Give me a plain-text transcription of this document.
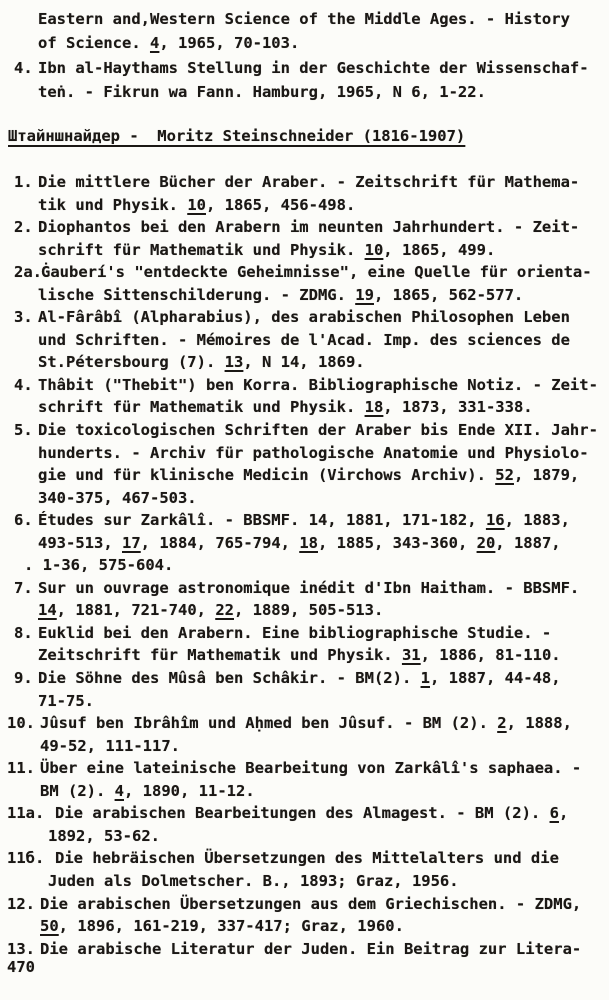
Eastern and,Western Science of the Middle Ages. - History
of Science. 4, 1965, 70-103.
4. Ibn al-Haythams Stellung in der Geschichte der Wissenschaf-
teṅ. - Fikrun wa Fann. Hamburg, 1965, N 6, 1-22.
Штайншнайдер -  Moritz Steinschneider (1816-1907)
1. Die mittlere Bücher der Araber. - Zeitschrift für Mathema-
tik und Physik. 10, 1865, 456-498.
2. Diophantos bei den Arabern im neunten Jahrhundert. - Zeit-
schrift für Mathematik und Physik. 10, 1865, 499.
2a. Ġauberí's "entdeckte Geheimnisse", eine Quelle für orienta-
lische Sittenschilderung. - ZDMG. 19, 1865, 562-577.
3. Al-Fârâbî (Alpharabius), des arabischen Philosophen Leben
und Schriften. - Mémoires de l'Acad. Imp. des sciences de
St.Pétersbourg (7). 13, N 14, 1869.
4. Thâbit ("Thebit") ben Korra. Bibliographische Notiz. - Zeit-
schrift für Mathematik und Physik. 18, 1873, 331-338.
5. Die toxicologischen Schriften der Araber bis Ende XII. Jahr-
hunderts. - Archiv für pathologische Anatomie und Physiolo-
gie und für klinische Medicin (Virchows Archiv). 52, 1879,
340-375, 467-503.
6. Études sur Zarkâlî. - BBSMF. 14, 1881, 171-182, 16, 1883,
493-513, 17, 1884, 765-794, 18, 1885, 343-360, 20, 1887,
. 1-36, 575-604.
7. Sur un ouvrage astronomique inédit d'Ibn Haitham. - BBSMF.
14, 1881, 721-740, 22, 1889, 505-513.
8. Euklid bei den Arabern. Eine bibliographische Studie. -
Zeitschrift für Mathematik und Physik. 31, 1886, 81-110.
9. Die Söhne des Mûsâ ben Schâkir. - BM(2). 1, 1887, 44-48,
71-75.
10. Jûsuf ben Ibrâhîm und Aḥmed ben Jûsuf. - BM (2). 2, 1888,
49-52, 111-117.
11. Über eine lateinische Bearbeitung von Zarkâlî's saphaea. -
BM (2). 4, 1890, 11-12.
11a. Die arabischen Bearbeitungen des Almagest. - BM (2). 6,
1892, 53-62.
11б. Die hebräischen Übersetzungen des Mittelalters und die
Juden als Dolmetscher. B., 1893; Graz, 1956.
12. Die arabischen Übersetzungen aus dem Griechischen. - ZDMG,
50, 1896, 161-219, 337-417; Graz, 1960.
13. Die arabische Literatur der Juden. Ein Beitrag zur Litera-
470
